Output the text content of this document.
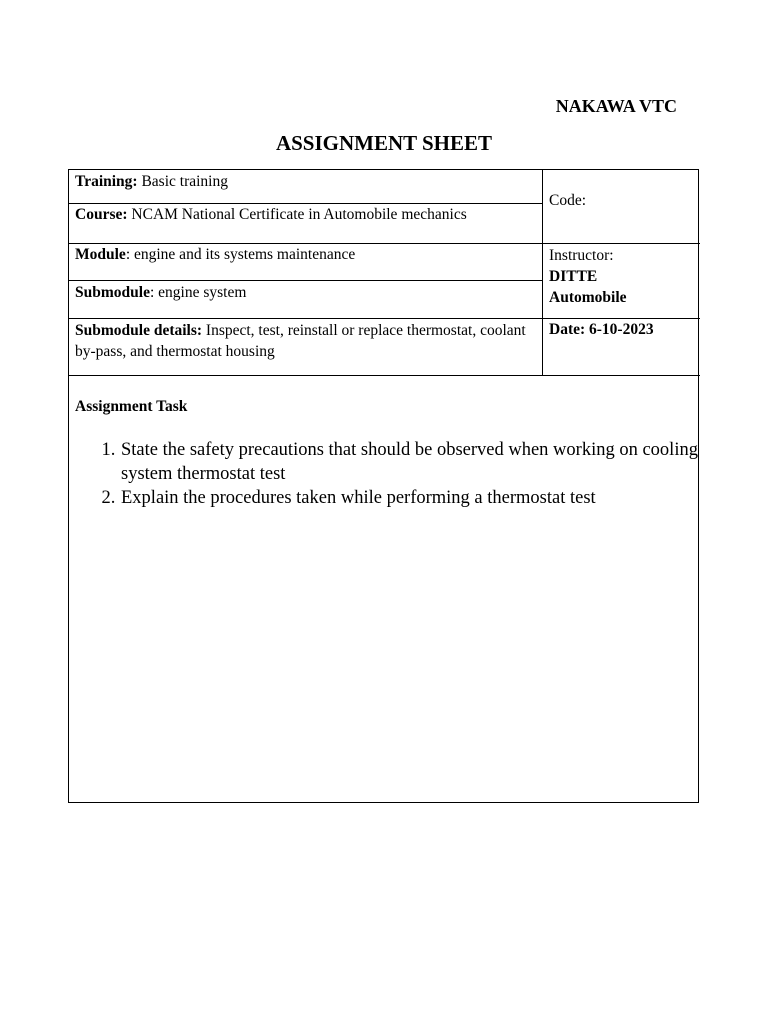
NAKAWA VTC
ASSIGNMENT SHEET
Training: Basic training
Course: NCAM National Certificate in Automobile mechanics
Code:
Module: engine and its systems maintenance
Submodule: engine system
Instructor:
DITTE
Automobile
Submodule details: Inspect, test, reinstall or replace thermostat, coolant by-pass, and thermostat housing
Date: 6-10-2023
Assignment Task
1. State the safety precautions that should be observed when working on cooling system thermostat test
2. Explain the procedures taken while performing a thermostat test
